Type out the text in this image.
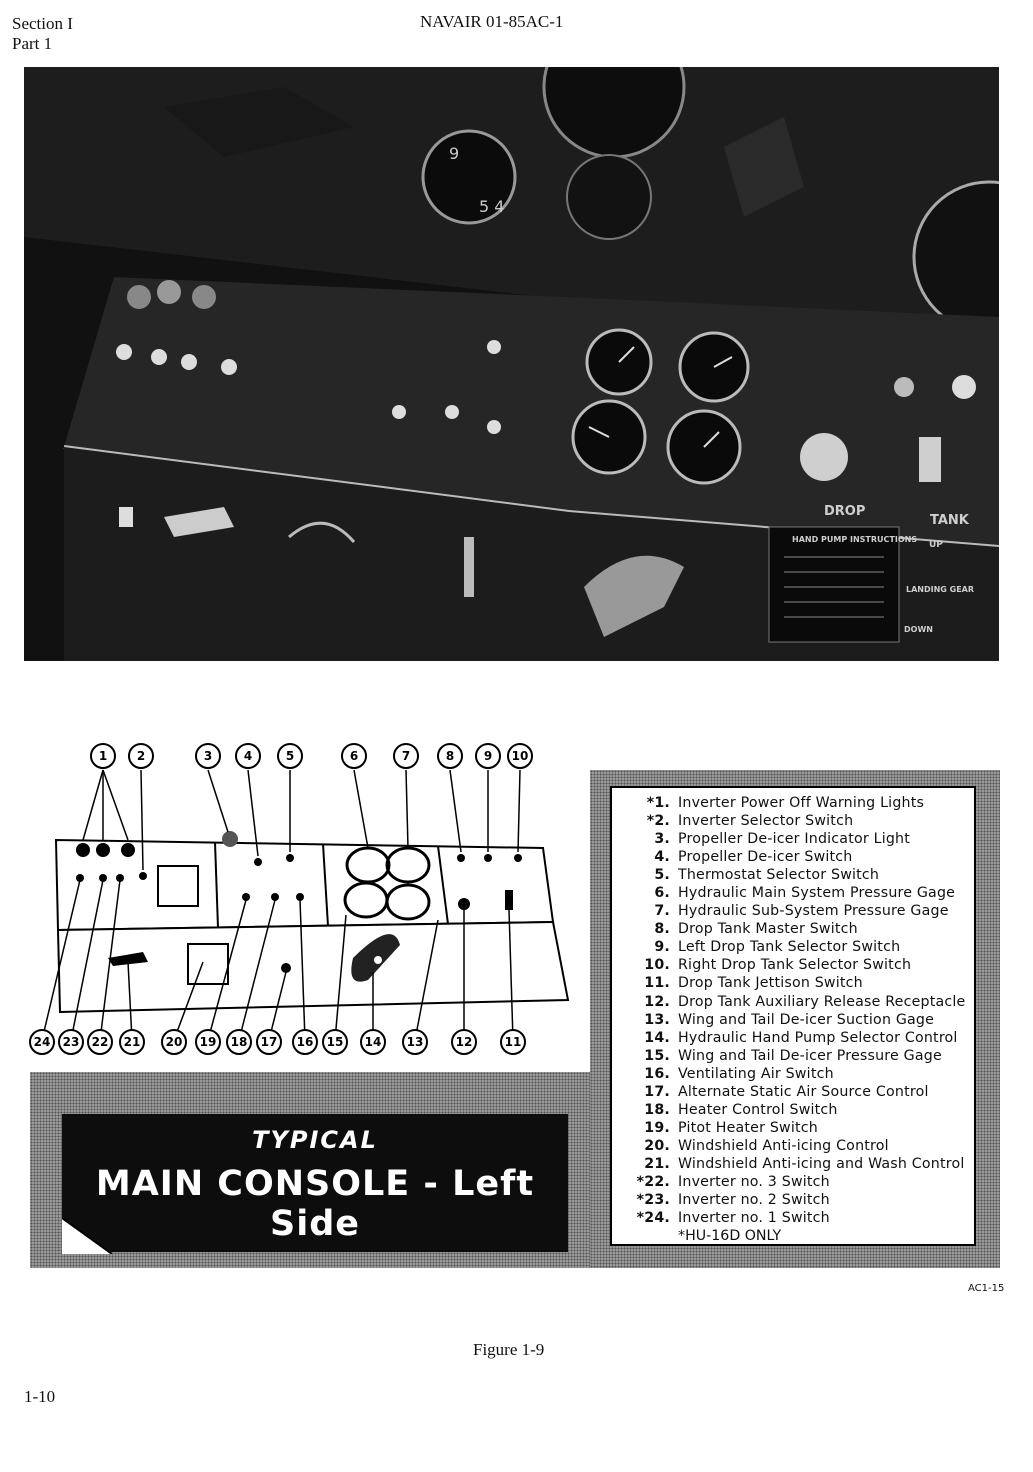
Section I
Part 1
NAVAIR 01-85AC-1
9
5 4
DROP
TANK
HAND PUMP INSTRUCTIONS
UP
LANDING GEAR
DOWN
1 2	3	4	5	6	7	8 9 10
24 23 22 21 20 19 18 17 16 15 14 13	12	11
TYPICAL
MAIN CONSOLE - Left Side
*1. Inverter Power Off Warning Lights
*2. Inverter Selector Switch
3. Propeller De-icer Indicator Light
4. Propeller De-icer Switch
5. Thermostat Selector Switch
6. Hydraulic Main System Pressure Gage
7. Hydraulic Sub-System Pressure Gage
8. Drop Tank Master Switch
9. Left Drop Tank Selector Switch
10. Right Drop Tank Selector Switch
11. Drop Tank Jettison Switch
12. Drop Tank Auxiliary Release Receptacle
13. Wing and Tail De-icer Suction Gage
14. Hydraulic Hand Pump Selector Control
15. Wing and Tail De-icer Pressure Gage
16. Ventilating Air Switch
17. Alternate Static Air Source Control
18. Heater Control Switch
19. Pitot Heater Switch
20. Windshield Anti-icing Control
21. Windshield Anti-icing and Wash Control
*22. Inverter no. 3 Switch
*23. Inverter no. 2 Switch
*24. Inverter no. 1 Switch
*HU-16D ONLY
AC1-15
Figure 1-9
1-10
